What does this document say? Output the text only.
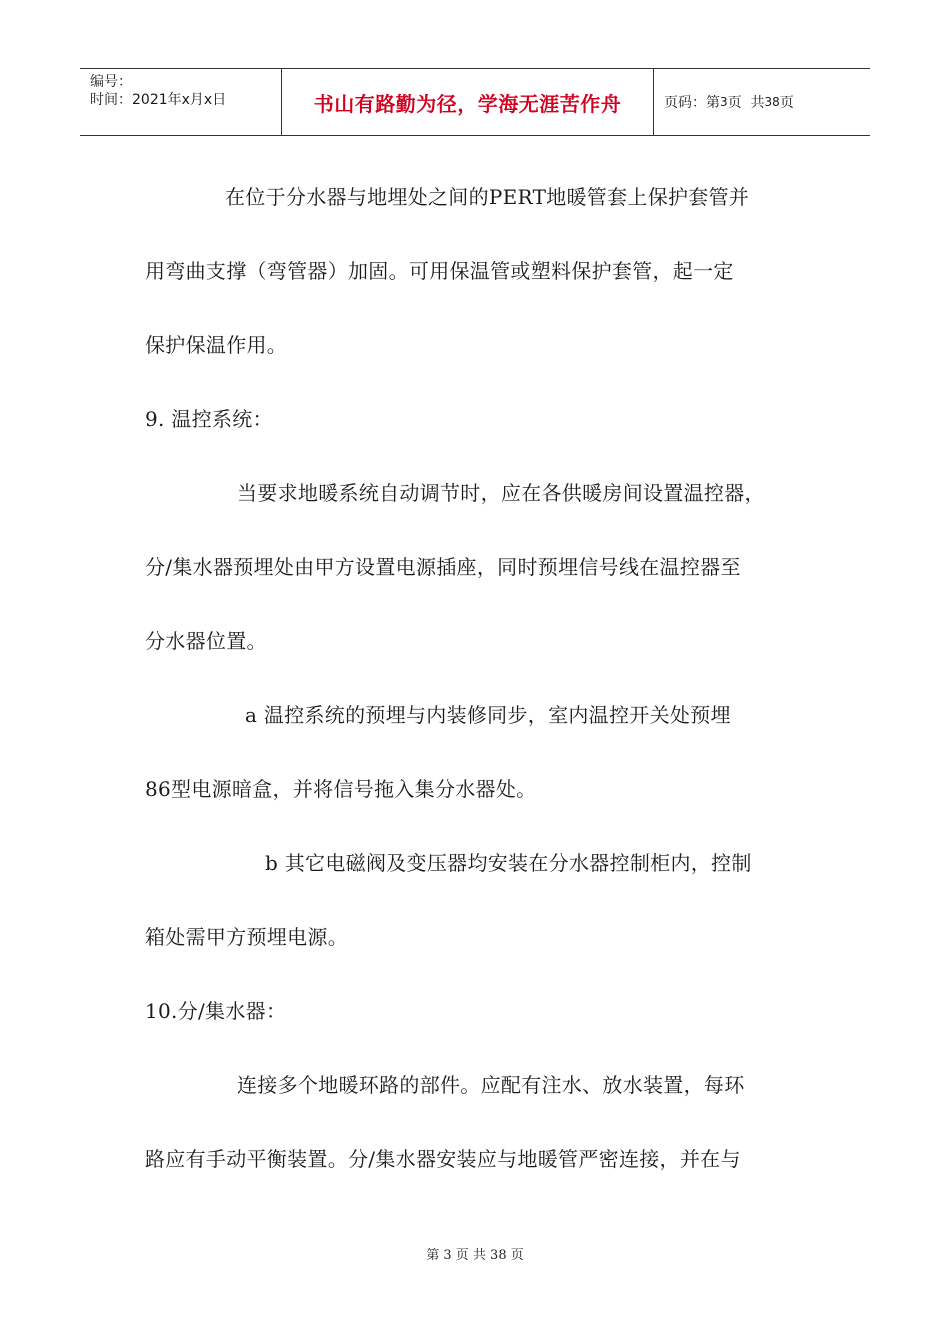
编号：
时间：2021年x月x日	书山有路勤为径，学海无涯苦作舟	页码：第 3 页  共 38 页
在位于分水器与地埋处之间的PERT地暖管套上保护套管并
用弯曲支撑（弯管器）加固。可用保温管或塑料保护套管，起一定
保护保温作用。
9. 温控系统：
当要求地暖系统自动调节时，应在各供暖房间设置温控器，
分/集水器预埋处由甲方设置电源插座，同时预埋信号线在温控器至
分水器位置。
a 温控系统的预埋与内装修同步，室内温控开关处预埋
86型电源暗盒，并将信号拖入集分水器处。
b 其它电磁阀及变压器均安装在分水器控制柜内，控制
箱处需甲方预埋电源。
10.分/集水器：
连接多个地暖环路的部件。应配有注水、放水装置，每环
路应有手动平衡装置。分/集水器安装应与地暖管严密连接，并在与
第 3 页 共 38 页
